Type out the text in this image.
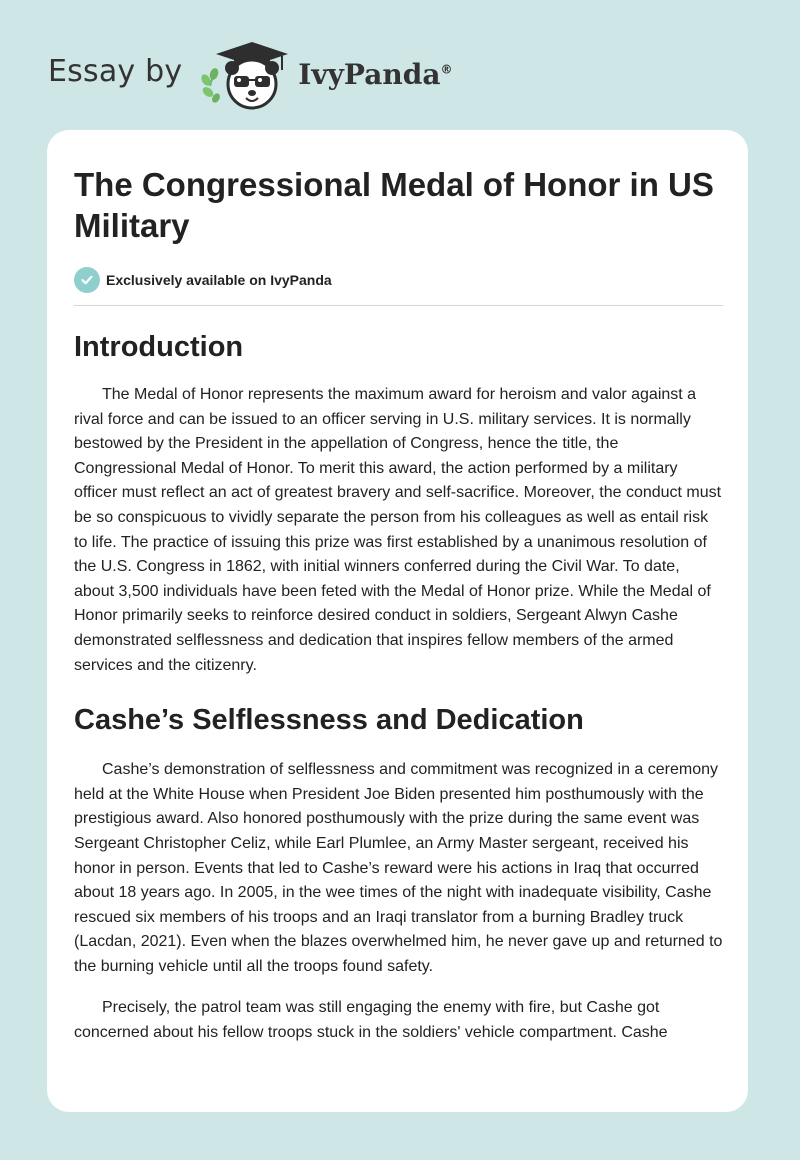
Essay by	IvyPanda®
The Congressional Medal of Honor in US Military
Exclusively available on IvyPanda
Introduction

The Medal of Honor represents the maximum award for heroism and valor against a rival force and can be issued to an officer serving in U.S. military services. It is normally bestowed by the President in the appellation of Congress, hence the title, the Congressional Medal of Honor. To merit this award, the action performed by a military officer must reflect an act of greatest bravery and self-sacrifice. Moreover, the conduct must be so conspicuous to vividly separate the person from his colleagues as well as entail risk to life. The practice of issuing this prize was first established by a unanimous resolution of the U.S. Congress in 1862, with initial winners conferred during the Civil War. To date, about 3,500 individuals have been feted with the Medal of Honor prize. While the Medal of Honor primarily seeks to reinforce desired conduct in soldiers, Sergeant Alwyn Cashe demonstrated selflessness and dedication that inspires fellow members of the armed services and the citizenry.

Cashe’s Selflessness and Dedication

Cashe’s demonstration of selflessness and commitment was recognized in a ceremony held at the White House when President Joe Biden presented him posthumously with the prestigious award. Also honored posthumously with the prize during the same event was Sergeant Christopher Celiz, while Earl Plumlee, an Army Master sergeant, received his honor in person. Events that led to Cashe’s reward were his actions in Iraq that occurred about 18 years ago. In 2005, in the wee times of the night with inadequate visibility, Cashe rescued six members of his troops and an Iraqi translator from a burning Bradley truck (Lacdan, 2021). Even when the blazes overwhelmed him, he never gave up and returned to the burning vehicle until all the troops found safety.

Precisely, the patrol team was still engaging the enemy with fire, but Cashe got concerned about his fellow troops stuck in the soldiers' vehicle compartment. Cashe
